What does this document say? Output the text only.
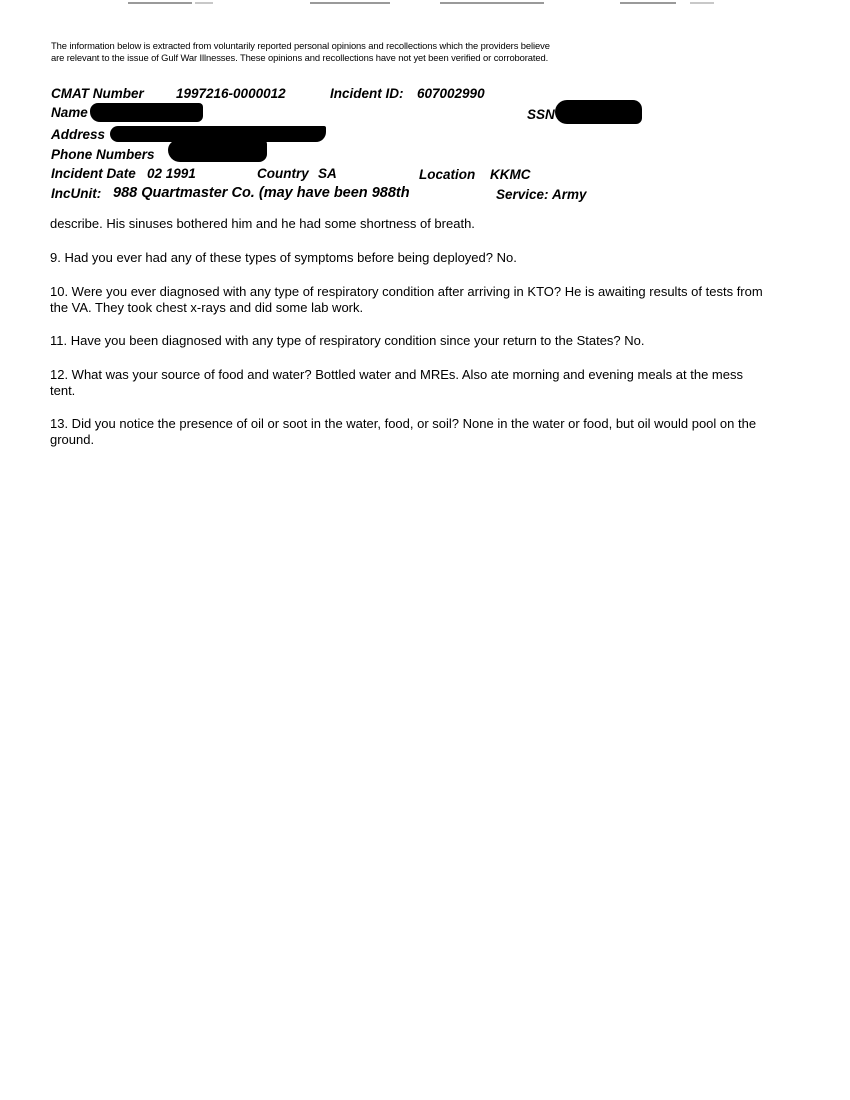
The information below is extracted from voluntarily reported personal opinions and recollections which the providers believe are relevant to the issue of Gulf War Illnesses. These opinions and recollections have not yet been verified or corroborated.
CMAT Number 1997216-0000012	Incident ID: 607002990
Name	SSN
Address
Phone Numbers
Incident Date 02 1991	Country SA	Location KKMC
IncUnit: 988 Quartmaster Co. (may have been 988th	Service: Army

describe. His sinuses bothered him and he had some shortness of breath.

9. Had you ever had any of these types of symptoms before being deployed? No.

10. Were you ever diagnosed with any type of respiratory condition after arriving in KTO? He is awaiting results of tests from the VA. They took chest x-rays and did some lab work.

11. Have you been diagnosed with any type of respiratory condition since your return to the States? No.

12. What was your source of food and water? Bottled water and MREs. Also ate morning and evening meals at the mess tent.

13. Did you notice the presence of oil or soot in the water, food, or soil? None in the water or food, but oil would pool on the ground.
